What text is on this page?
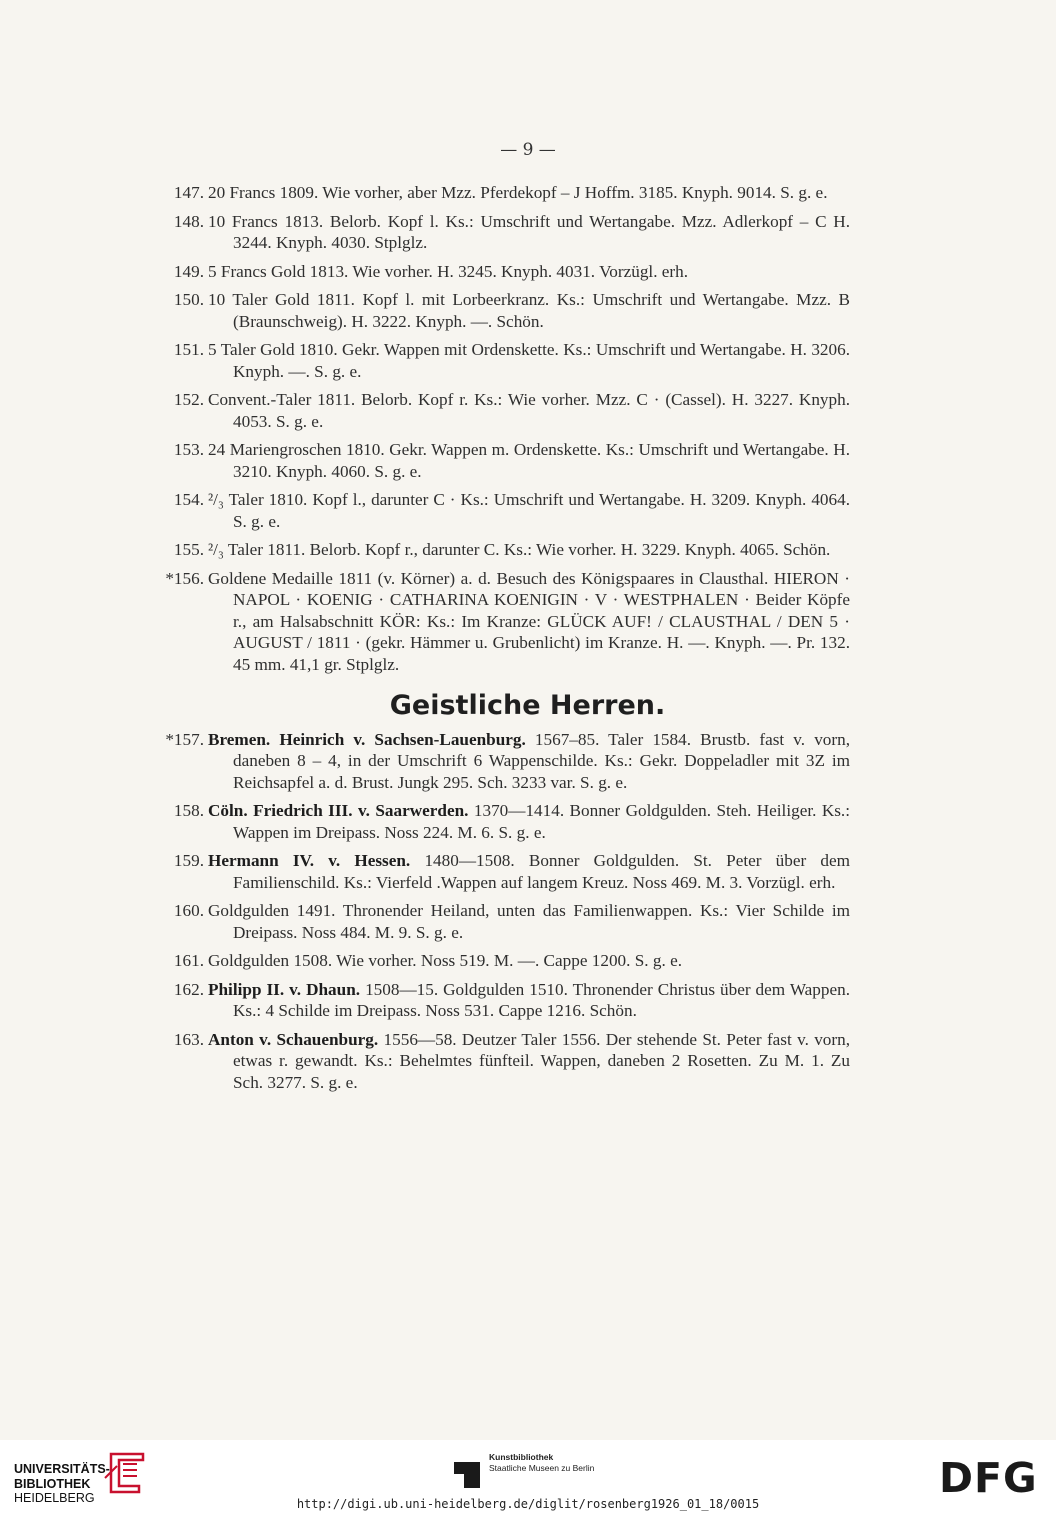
— 9 —
147. 20 Francs 1809. Wie vorher, aber Mzz. Pferdekopf – J Hoffm. 3185. Knyph. 9014. S. g. e.
148. 10 Francs 1813. Belorb. Kopf l. Ks.: Umschrift und Wertangabe. Mzz. Adlerkopf – C H. 3244. Knyph. 4030. Stplglz.
149. 5 Francs Gold 1813. Wie vorher. H. 3245. Knyph. 4031. Vorzügl. erh.
150. 10 Taler Gold 1811. Kopf l. mit Lorbeerkranz. Ks.: Umschrift und Wertangabe. Mzz. B (Braunschweig). H. 3222. Knyph. —. Schön.
151. 5 Taler Gold 1810. Gekr. Wappen mit Ordenskette. Ks.: Umschrift und Wertangabe. H. 3206. Knyph. —. S. g. e.
152. Convent.-Taler 1811. Belorb. Kopf r. Ks.: Wie vorher. Mzz. C · (Cassel). H. 3227. Knyph. 4053. S. g. e.
153. 24 Mariengroschen 1810. Gekr. Wappen m. Ordenskette. Ks.: Umschrift und Wertangabe. H. 3210. Knyph. 4060. S. g. e.
154. ²/₃ Taler 1810. Kopf l., darunter C · Ks.: Umschrift und Wertangabe. H. 3209. Knyph. 4064. S. g. e.
155. ²/₃ Taler 1811. Belorb. Kopf r., darunter C. Ks.: Wie vorher. H. 3229. Knyph. 4065. Schön.
*156. Goldene Medaille 1811 (v. Körner) a. d. Besuch des Königspaares in Clausthal. HIERON · NAPOL · KOENIG · CATHARINA KOENIGIN · V · WESTPHALEN · Beider Köpfe r., am Halsabschnitt KÖR: Ks.: Im Kranze: GLÜCK AUF! / CLAUSTHAL / DEN 5 · AUGUST / 1811 · (gekr. Hämmer u. Grubenlicht) im Kranze. H. —. Knyph. —. Pr. 132. 45 mm. 41,1 gr. Stplglz.
Geistliche Herren.
*157. Bremen. Heinrich v. Sachsen-Lauenburg. 1567–85. Taler 1584. Brustb. fast v. vorn, daneben 8 – 4, in der Umschrift 6 Wappenschilde. Ks.: Gekr. Doppeladler mit 3Z im Reichsapfel a. d. Brust. Jungk 295. Sch. 3233 var. S. g. e.
158. Cöln. Friedrich III. v. Saarwerden. 1370—1414. Bonner Goldgulden. Steh. Heiliger. Ks.: Wappen im Dreipass. Noss 224. M. 6. S. g. e.
159. Hermann IV. v. Hessen. 1480—1508. Bonner Goldgulden. St. Peter über dem Familienschild. Ks.: Vierfeld .Wappen auf langem Kreuz. Noss 469. M. 3. Vorzügl. erh.
160. Goldgulden 1491. Thronender Heiland, unten das Familienwappen. Ks.: Vier Schilde im Dreipass. Noss 484. M. 9. S. g. e.
161. Goldgulden 1508. Wie vorher. Noss 519. M. —. Cappe 1200. S. g. e.
162. Philipp II. v. Dhaun. 1508—15. Goldgulden 1510. Thronender Christus über dem Wappen. Ks.: 4 Schilde im Dreipass. Noss 531. Cappe 1216. Schön.
163. Anton v. Schauenburg. 1556—58. Deutzer Taler 1556. Der stehende St. Peter fast v. vorn, etwas r. gewandt. Ks.: Behelmtes fünfteil. Wappen, daneben 2 Rosetten. Zu M. 1. Zu Sch. 3277. S. g. e.
UNIVERSITÄTS-
BIBLIOTHEK
HEIDELBERG
Kunstbibliothek
Staatliche Museen zu Berlin	DFG
http://digi.ub.uni-heidelberg.de/diglit/rosenberg1926_01_18/0015
